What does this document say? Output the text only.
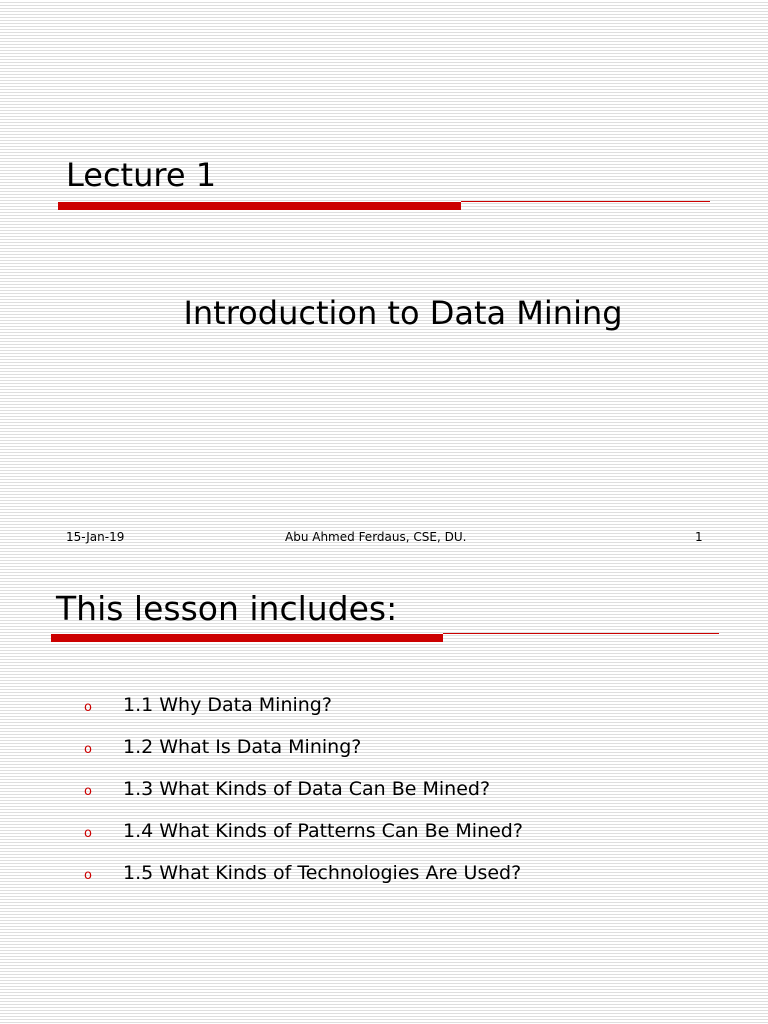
Lecture 1
Introduction to Data Mining
15-Jan-19	Abu Ahmed Ferdaus, CSE, DU.	1
This lesson includes:
o 1.1 Why Data Mining?
o 1.2 What Is Data Mining?
o 1.3 What Kinds of Data Can Be Mined?
o 1.4 What Kinds of Patterns Can Be Mined?
o 1.5 What Kinds of Technologies Are Used?
